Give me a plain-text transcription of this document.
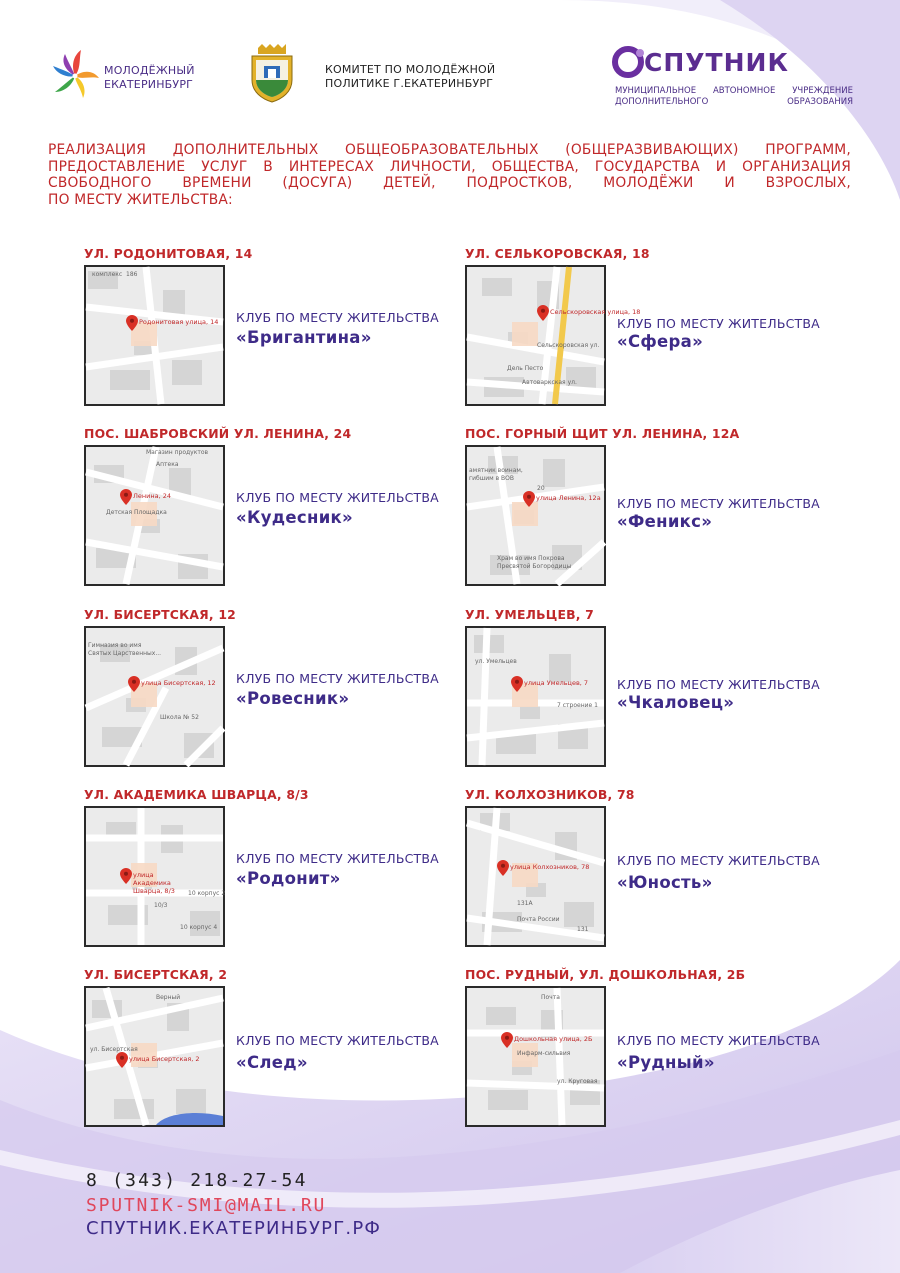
МОЛОДЁЖНЫЙ
ЕКАТЕРИНБУРГ
КОМИТЕТ ПО МОЛОДЁЖНОЙ
ПОЛИТИКЕ Г.ЕКАТЕРИНБУРГ
СПУТНИК
МУНИЦИПАЛЬНОЕ АВТОНОМНОЕ УЧРЕЖДЕНИЕ
ДОПОЛНИТЕЛЬНОГО ОБРАЗОВАНИЯ
РЕАЛИЗАЦИЯ ДОПОЛНИТЕЛЬНЫХ ОБЩЕОБРАЗОВАТЕЛЬНЫХ (ОБЩЕРАЗВИВАЮЩИХ) ПРОГРАММ,
ПРЕДОСТАВЛЕНИЕ УСЛУГ В ИНТЕРЕСАХ ЛИЧНОСТИ, ОБЩЕСТВА, ГОСУДАРСТВА И ОРГАНИЗАЦИЯ
СВОБОДНОГО ВРЕМЕНИ (ДОСУГА) ДЕТЕЙ, ПОДРОСТКОВ, МОЛОДЁЖИ И ВЗРОСЛЫХ,
ПО МЕСТУ ЖИТЕЛЬСТВА:
УЛ. РОДОНИТОВАЯ, 14
Родонитовая улица, 14
комплекс 186
КЛУБ ПО МЕСТУ ЖИТЕЛЬСТВА
«Бригантина»
УЛ. СЕЛЬКОРОВСКАЯ, 18
Сельскоровская улица, 18
Дель Песто
Сельскоровская ул.
Автоваркская ул.
КЛУБ ПО МЕСТУ ЖИТЕЛЬСТВА
«Сфера»
ПОС. ШАБРОВСКИЙ УЛ. ЛЕНИНА, 24
Ленина, 24
Аптека
Детская Площадка
Магазин продуктов
КЛУБ ПО МЕСТУ ЖИТЕЛЬСТВА
«Кудесник»
ПОС. ГОРНЫЙ ЩИТ УЛ. ЛЕНИНА, 12А
улица Ленина, 12а
амятник воинам,
гибшим в ВОВ
Храм во имя Покрова
Пресвятой Богородицы
20
КЛУБ ПО МЕСТУ ЖИТЕЛЬСТВА
«Феникс»
УЛ. БИСЕРТСКАЯ, 12
улица Бисертская, 12
Гимназия во имя
Святых Царственных...
Школа № 52
КЛУБ ПО МЕСТУ ЖИТЕЛЬСТВА
«Ровесник»
УЛ. УМЕЛЬЦЕВ, 7
улица Умельцев, 7
ул. Умельцев
7 строение 1
КЛУБ ПО МЕСТУ ЖИТЕЛЬСТВА
«Чкаловец»
УЛ. АКАДЕМИКА ШВАРЦА, 8/3
улица Академика Шварца, 8/3	10 корпус 2
10/3
10 корпус 4
КЛУБ ПО МЕСТУ ЖИТЕЛЬСТВА
«Родонит»
УЛ. КОЛХОЗНИКОВ, 78
улица Колхозников, 78
131А
Почта России
131
КЛУБ ПО МЕСТУ ЖИТЕЛЬСТВА
«Юность»
УЛ. БИСЕРТСКАЯ, 2
улица Бисертская, 2
Верный
ул. Бисертская
КЛУБ ПО МЕСТУ ЖИТЕЛЬСТВА
«След»
ПОС. РУДНЫЙ, УЛ. ДОШКОЛЬНАЯ, 2Б
Дошкольная улица, 2Б
Почта
Инфарм-сильвия
ул. Круговая
КЛУБ ПО МЕСТУ ЖИТЕЛЬСТВА
«Рудный»
8 (343) 218-27-54
SPUTNIK-SMI@MAIL.RU
СПУТНИК.ЕКАТЕРИНБУРГ.РФ
